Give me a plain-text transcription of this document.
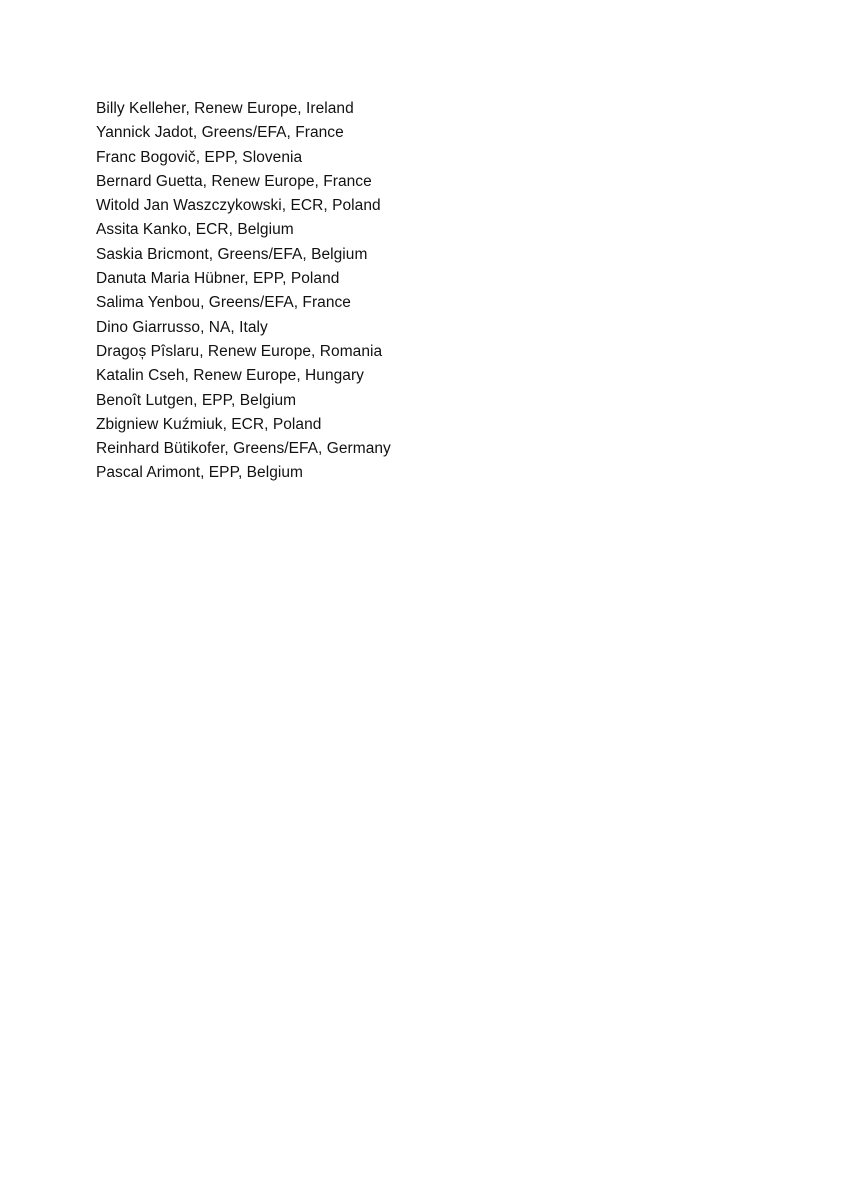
Billy Kelleher, Renew Europe, Ireland
Yannick Jadot, Greens/EFA, France
Franc Bogovič, EPP, Slovenia
Bernard Guetta, Renew Europe, France
Witold Jan Waszczykowski, ECR, Poland
Assita Kanko, ECR, Belgium
Saskia Bricmont, Greens/EFA, Belgium
Danuta Maria Hübner, EPP, Poland
Salima Yenbou, Greens/EFA, France
Dino Giarrusso, NA, Italy
Dragoș Pîslaru, Renew Europe, Romania
Katalin Cseh, Renew Europe, Hungary
Benoît Lutgen, EPP, Belgium
Zbigniew Kuźmiuk, ECR, Poland
Reinhard Bütikofer, Greens/EFA, Germany
Pascal Arimont, EPP, Belgium
